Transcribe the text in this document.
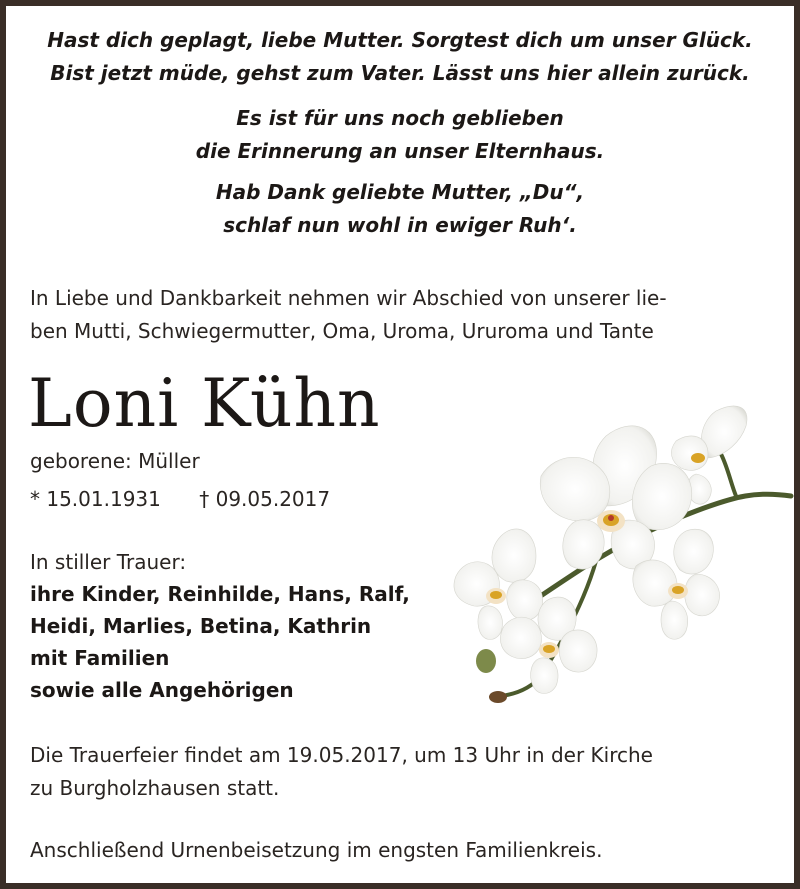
Hast dich geplagt, liebe Mutter. Sorgtest dich um unser Glück.
Bist jetzt müde, gehst zum Vater. Lässt uns hier allein zurück.
Es ist für uns noch geblieben
die Erinnerung an unser Elternhaus.
Hab Dank geliebte Mutter, „Du“,
schlaf nun wohl in ewiger Ruh‘.
In Liebe und Dankbarkeit nehmen wir Abschied von unserer lie-
ben Mutti, Schwiegermutter, Oma, Uroma, Ururoma und Tante
Loni Kühn
geborene: Müller
* 15.01.1931 † 09.05.2017
In stiller Trauer:
ihre Kinder, Reinhilde, Hans, Ralf,
Heidi, Marlies, Betina, Kathrin
mit Familien
sowie alle Angehörigen
Die Trauerfeier findet am 19.05.2017, um 13 Uhr in der Kirche
zu Burgholzhausen statt.
Anschließend Urnenbeisetzung im engsten Familienkreis.
